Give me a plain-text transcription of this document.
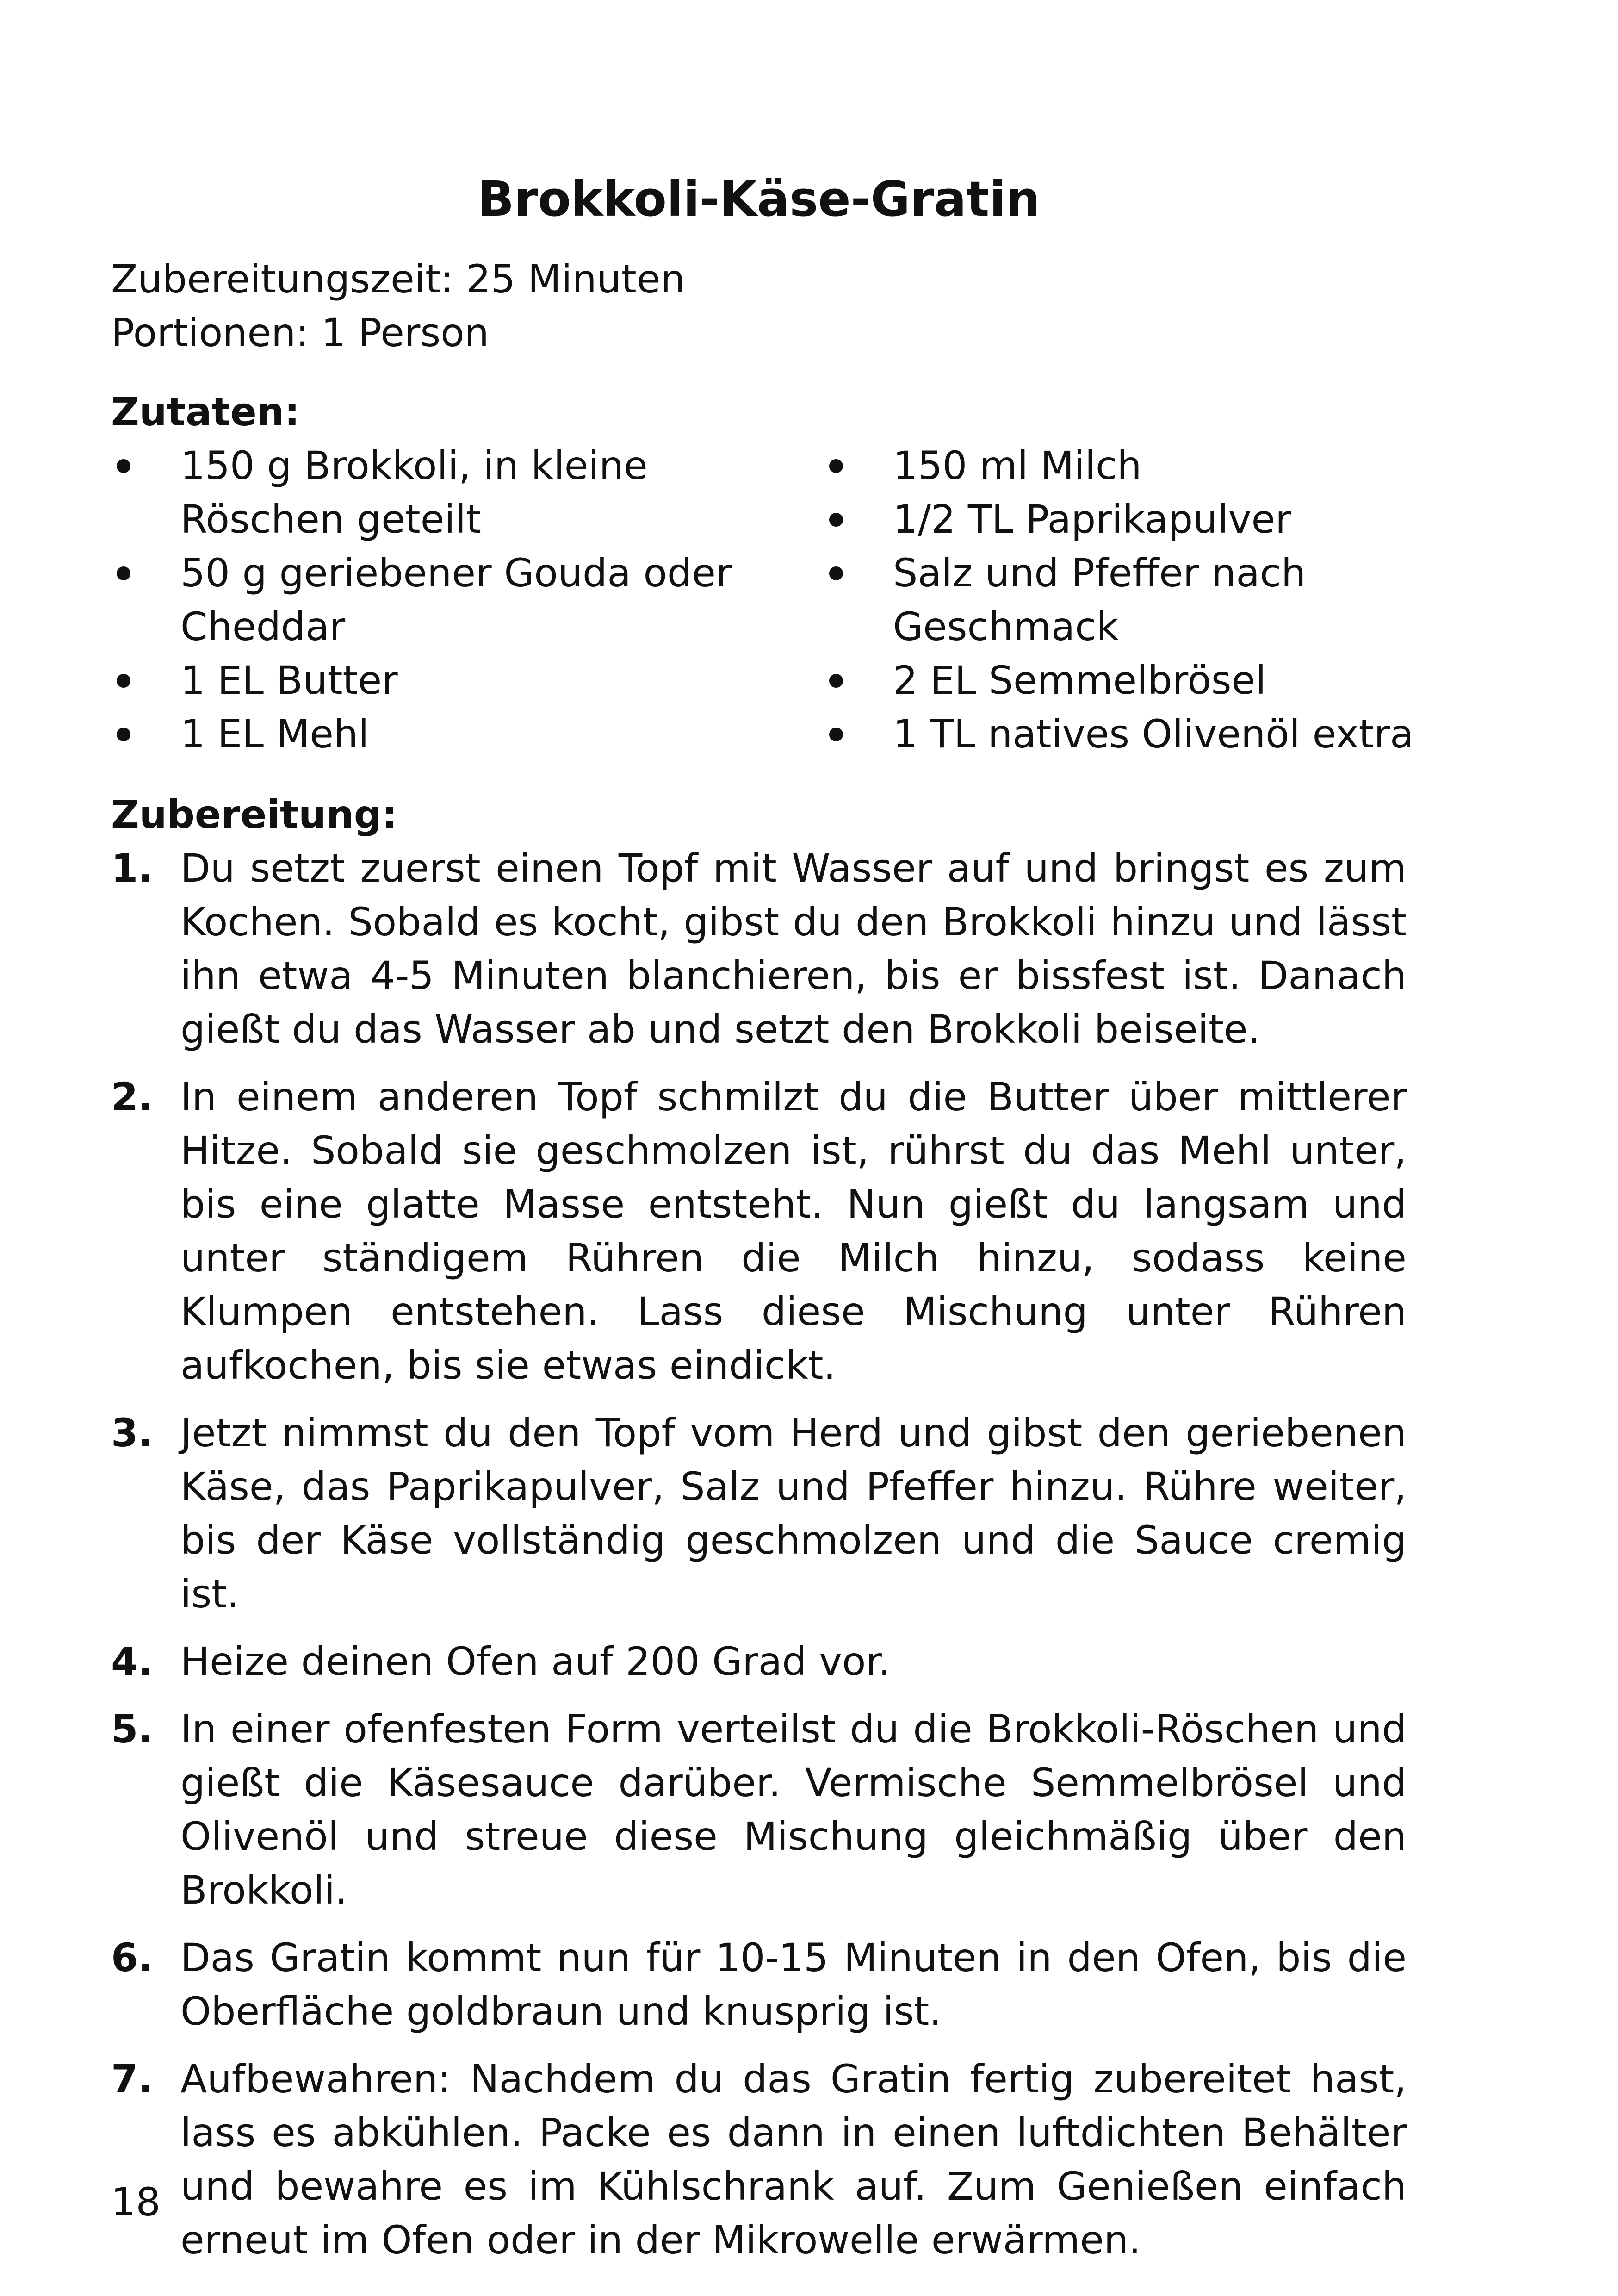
Brokkoli-Käse-Gratin
Zubereitungszeit: 25 Minuten
Portionen: 1 Person
Zutaten:
150 g Brokkoli, in kleine Röschen geteilt
50 g geriebener Gouda oder Cheddar
1 EL Butter
1 EL Mehl
150 ml Milch
1/2 TL Paprikapulver
Salz und Pfeffer nach Geschmack
2 EL Semmelbrösel
1 TL natives Olivenöl extra
Zubereitung:
1. Du setzt zuerst einen Topf mit Wasser auf und bringst es zum Kochen. Sobald es kocht, gibst du den Brokkoli hinzu und lässt ihn etwa 4-5 Minuten blanchieren, bis er bissfest ist. Danach gießt du das Wasser ab und setzt den Brokkoli beiseite.
2. In einem anderen Topf schmilzt du die Butter über mittlerer Hitze. Sobald sie geschmolzen ist, rührst du das Mehl unter, bis eine glatte Masse entsteht. Nun gießt du langsam und unter ständigem Rühren die Milch hinzu, sodass keine Klumpen entstehen. Lass diese Mischung unter Rühren aufkochen, bis sie etwas eindickt.
3. Jetzt nimmst du den Topf vom Herd und gibst den geriebenen Käse, das Paprikapulver, Salz und Pfeffer hinzu. Rühre weiter, bis der Käse vollständig geschmolzen und die Sauce cremig ist.
4. Heize deinen Ofen auf 200 Grad vor.
5. In einer ofenfesten Form verteilst du die Brokkoli-Röschen und gießt die Käsesauce darüber. Vermische Semmelbrösel und Olivenöl und streue diese Mischung gleichmäßig über den Brokkoli.
6. Das Gratin kommt nun für 10-15 Minuten in den Ofen, bis die Oberfläche goldbraun und knusprig ist.
7. Aufbewahren: Nachdem du das Gratin fertig zubereitet hast, lass es abkühlen. Packe es dann in einen luftdichten Behälter und bewahre es im Kühlschrank auf. Zum Genießen einfach erneut im Ofen oder in der Mikrowelle erwärmen.
18
